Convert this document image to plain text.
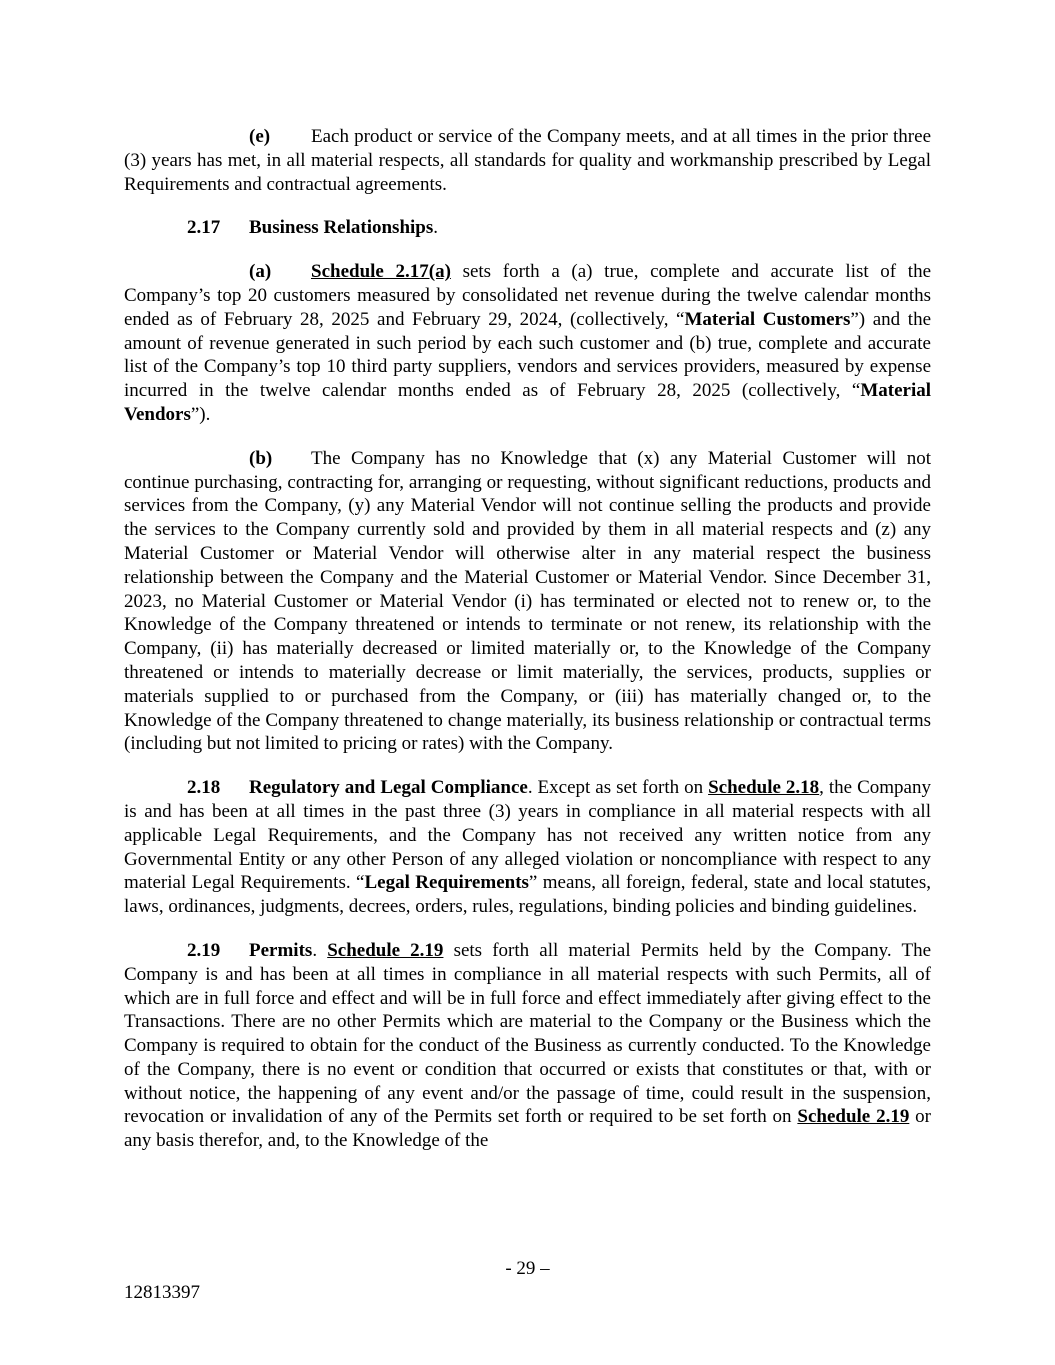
(e) Each product or service of the Company meets, and at all times in the prior three (3) years has met, in all material respects, all standards for quality and workmanship prescribed by Legal Requirements and contractual agreements.

2.17 Business Relationships.

(a) Schedule 2.17(a) sets forth a (a) true, complete and accurate list of the Company’s top 20 customers measured by consolidated net revenue during the twelve calendar months ended as of February 28, 2025 and February 29, 2024, (collectively, “Material Customers”) and the amount of revenue generated in such period by each such customer and (b) true, complete and accurate list of the Company’s top 10 third party suppliers, vendors and services providers, measured by expense incurred in the twelve calendar months ended as of February 28, 2025 (collectively, “Material Vendors”).

(b) The Company has no Knowledge that (x) any Material Customer will not continue purchasing, contracting for, arranging or requesting, without significant reductions, products and services from the Company, (y) any Material Vendor will not continue selling the products and provide the services to the Company currently sold and provided by them in all material respects and (z) any Material Customer or Material Vendor will otherwise alter in any material respect the business relationship between the Company and the Material Customer or Material Vendor. Since December 31, 2023, no Material Customer or Material Vendor (i) has terminated or elected not to renew or, to the Knowledge of the Company threatened or intends to terminate or not renew, its relationship with the Company, (ii) has materially decreased or limited materially or, to the Knowledge of the Company threatened or intends to materially decrease or limit materially, the services, products, supplies or materials supplied to or purchased from the Company, or (iii) has materially changed or, to the Knowledge of the Company threatened to change materially, its business relationship or contractual terms (including but not limited to pricing or rates) with the Company.

2.18 Regulatory and Legal Compliance. Except as set forth on Schedule 2.18, the Company is and has been at all times in the past three (3) years in compliance in all material respects with all applicable Legal Requirements, and the Company has not received any written notice from any Governmental Entity or any other Person of any alleged violation or noncompliance with respect to any material Legal Requirements. “Legal Requirements” means, all foreign, federal, state and local statutes, laws, ordinances, judgments, decrees, orders, rules, regulations, binding policies and binding guidelines.

2.19 Permits. Schedule 2.19 sets forth all material Permits held by the Company. The Company is and has been at all times in compliance in all material respects with such Permits, all of which are in full force and effect and will be in full force and effect immediately after giving effect to the Transactions. There are no other Permits which are material to the Company or the Business which the Company is required to obtain for the conduct of the Business as currently conducted. To the Knowledge of the Company, there is no event or condition that occurred or exists that constitutes or that, with or without notice, the happening of any event and/or the passage of time, could result in the suspension, revocation or invalidation of any of the Permits set forth or required to be set forth on Schedule 2.19 or any basis therefor, and, to the Knowledge of the

- 29 –
12813397
